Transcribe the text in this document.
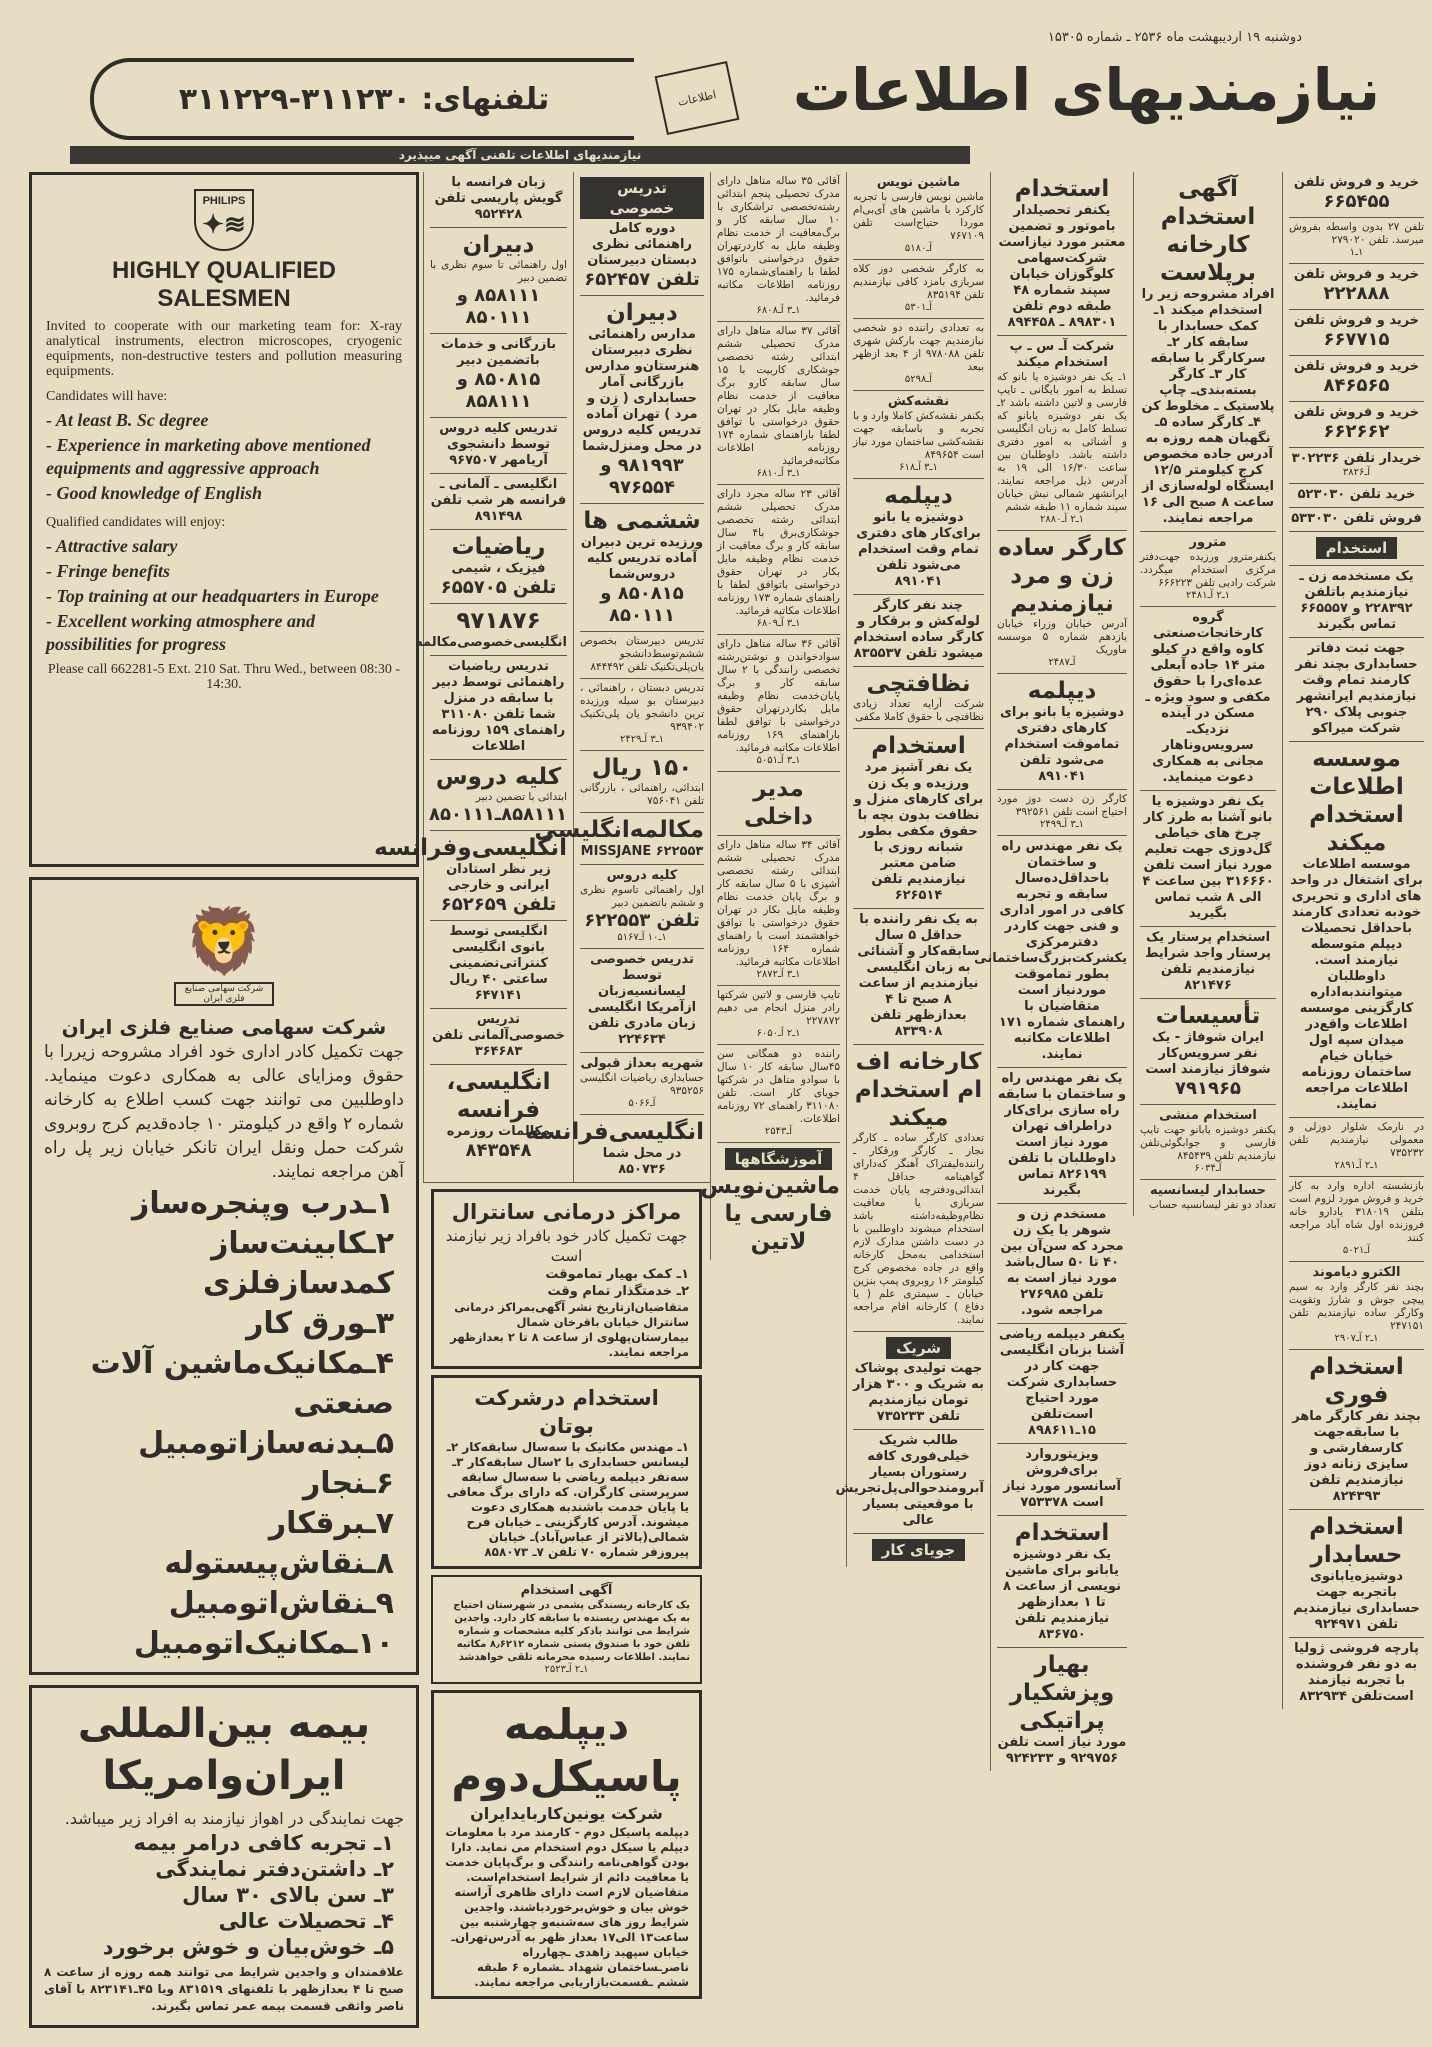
دوشنبه ۱۹ اردیبهشت ماه ۲۵۳۶ ـ شماره ۱۵۳۰۵
تلفنهای: ۳۱۱۲۳۰-۳۱۱۲۲۹	اطلاعات	نیازمندیهای اطلاعات
نیازمندیهای اطلاعات تلفنی آگهی میپذیرد
PHILIPS
✦≋
HIGHLY QUALIFIED SALESMEN
Invited to cooperate with our marketing team for: X-ray analytical instruments, electron microscopes, cryogenic equipments, non-destructive testers and pollution measuring equipments.
Candidates will have:
- At least B. Sc degree
- Experience in marketing above mentioned equipments and aggressive approach
- Good knowledge of English
Qualified candidates will enjoy:
- Attractive salary
- Fringe benefits
- Top training at our headquarters in Europe
- Excellent working atmosphere and possibilities for progress
Please call 662281-5 Ext. 210 Sat. Thru Wed., between 08:30 - 14:30.
🦁
شرکت سهامی صنایع فلزی ایران
شرکت سهامی صنایع فلزی ایران
جهت تکمیل کادر اداری خود افراد مشروحه زیررا با حقوق ومزایای عالی به همکاری دعوت مینماید. داوطلبین می توانند جهت کسب اطلاع به کارخانه شماره ۲ واقع در کیلومتر ۱۰ جاده‌قدیم کرج روبروی شرکت حمل ونقل ایران تانکر خیابان زیر پل راه آهن مراجعه نمایند.
۱ـدرب وپنجره‌ساز
۲ـکابینت‌ساز کمدسازفلزی
۳ـورق کار
۴ـمکانیک‌ماشین آلات صنعتی
۵ـبدنه‌سازاتومبیل
۶ـنجار
۷ـبرقکار
۸ـنقاش‌پیستوله
۹ـنقاش‌اتومبیل
۱۰ـمکانیک‌اتومبیل
بیمه بین‌المللی
ایران‌وامریکا
جهت نمایندگی در اهواز نیازمند به افراد زیر میباشد.
۱ـ تجربه کافی درامر بیمه
۲ـ داشتن‌دفتر نمایندگی
۳ـ سن بالای ۳۰ سال
۴ـ تحصیلات عالی
۵ـ خوش‌بیان و خوش برخورد
علاقمندان و واجدین شرایط می توانند همه روزه از ساعت ۸ صبح تا ۴ بعدازظهر با تلفنهای ۸۳۱۵۱۹ ویا ۴۵ـ۸۲۳۱۴۱ با آقای ناصر واثقی قسمت بیمه عمر تماس بگیرند.
خرید و فروش تلفن
۶۶۵۴۵۵
تلفن ۲۷ بدون واسطه بفروش میرسد. تلفن ۲۷۹۰۲۰
۱ـ۱
خرید و فروش تلفن
۲۲۲۸۸۸
خرید و فروش تلفن
۶۶۷۷۱۵
خرید و فروش تلفن
۸۴۶۵۶۵
خرید و فروش تلفن
۶۶۲۶۶۲
خریدار تلفن ۳۰۲۲۳۶
آـ۳۸۲۶
خرید تلفن ۵۲۳۰۳۰
فروش تلفن ۵۳۳۰۳۰
استخدام
یک مستخدمه زن ـ نیازمندیم باتلفن ۲۲۸۳۹۲ و ۶۶۵۵۵۷ تماس بگیرند
جهت ثبت دفاتر حسابداری بچند نفر کارمند تمام وقت نیازمندیم ایرانشهر جنوبی پلاک ۲۹۰ شرکت میراکو
موسسه اطلاعات استخدام میکند
موسسه اطلاعات برای اشتغال در واحد های اداری و تحریری خودبه تعدادی کارمند باحداقل تحصیلات دیپلم متوسطه نیازمند است. داوطلبان میتوانندبه‌اداره کارگزینی موسسه اطلاعات واقع‌در میدان سپه اول خیابان خیام ساختمان روزنامه اطلاعات مراجعه نمایند.
در نارمک شلوار دوزلی و معمولی نیازمندیم تلفن ۷۳۵۲۳۲
۱ـ۲ آـ۲۸۹۱
بازنشسته اداره وارد به کار خرید و فروش مورد لزوم است بتلفن ۳۱۸۰۱۹ یادارو خانه فروزنده اول شاه آباد مراجعه کنند
آـ۵۰۲۱
الکترو دیاموند
بچند نفر کارگر وارد به سیم پیچی جوش و شارژ وتقویت وکارگر ساده نیازمندیم تلفن ۲۴۷۱۵۱
۱ـ۲ آـ۲۹۰۷
استخدام فوری
بچند نفر کارگر ماهر با سابقه‌جهت کارسفارشی و سایزی زنانه دوز نیازمندیم تلفن ۸۲۴۳۹۳
استخدام حسابدار
دوشیزه‌یابانوی باتجربه جهت حسابداری نیازمندیم تلفن ۹۲۴۹۷۱
پارچه فروشی ژولیا به دو نفر فروشنده با تجربه نیازمند است‌تلفن ۸۳۲۹۳۴
آگهی استخدام کارخانه برپلاست
افراد مشروحه زیر را استخدام میکند ۱ـ کمک حسابدار با سابقه کار ۲ـ سرکارگر با سابقه کار ۳ـ کارگر بسته‌بندی‌ـ چاپ پلاستیک ـ مخلوط کن ۴ـ کارگر ساده ۵ـ نگهبان همه روزه به آدرس جاده مخصوص کرج کیلومتر ۱۲/۵ ایستگاه لوله‌سازی از ساعت ۸ صبح الی ۱۶ مراجعه نمایند.
مترور
یکنفرمترور ورزیده جهت‌دفتر مرکزی استخدام میگردد. شرکت رادیی تلفن ۶۶۶۲۲۳
۱ـ۲ آـ۲۴۸۱
گروه کارخانجات‌صنعتی کاوه واقع در کیلو متر ۱۴ جاده آبعلی عده‌ای‌را با حقوق مکفی و سود ویژه ـ مسکن در آینده نزدیک‌ـ سرویس‌وناهار مجانی به همکاری دعوت مینماید.
یک نفر دوشیزه یا بانو آشنا به طرز کار چرخ های خیاطی گل‌دوزی جهت تعلیم مورد نیاز است تلفن ۳۱۶۶۶۰ بین ساعت ۴ الی ۸ شب تماس بگیرید
استخدام پرستار یک پرستار واجد شرایط نیازمندیم تلفن ۸۲۱۴۷۶
تأسیسات
ایران شوفاژ - یک نفر سرویس‌کار شوفاژ نیازمند است
۷۹۱۹۶۵
استخدام منشی
یکنفر دوشیزه یابانو جهت تایپ فارسی و جوابگوئی‌تلفن نیازمندیم تلفن ۸۴۵۴۳۹
آـ۶۰۳۴
حسابدار لیسانسیه
تعداد دو نفر لیسانسیه حساب
استخدام
یکنفر تحصیلدار باموتور و تضمین معتبر مورد نیازاست شرکت‌سهامی کلوگوزان خیابان سپند شماره ۴۸ طبقه دوم تلفن ۸۹۸۳۰۱ ـ ۸۹۴۴۵۸
شرکت آـ س ـ پ استخدام میکند
۱ـ یک نفر دوشیزه یا بانو که تسلط به امور بایگانی ـ تایپ فارسی و لاتین داشته باشد ۲ـ یک نفر دوشیزه یابانو که تسلط کامل به زبان انگلیسی و آشنائی به امور دفتری داشته باشد. داوطلبان بین ساعت ۱۶/۳۰ الی ۱۹ به آدرس ذیل مراجعه نمایند. ایرانشهر شمالی نبش خیابان سپند شماره ۱۱ طبقه ششم
۱ـ۲ آـ۲۸۸۰
کارگر ساده زن و مرد نیازمندیم
آدرس خیابان وزراء خیابان یازدهم شماره ۵ موسسه ماوریک
آـ۲۴۸۷
دیپلمه
دوشیزه یا بانو برای کارهای دفتری تماموقت استخدام می‌شود تلفن ۸۹۱۰۴۱
کارگر زن دست دوز مورد احتیاج است تلفن ۳۹۲۵۶۱
۱ـ۳ آـ۲۴۹۹
یک نفر مهندس راه و ساختمان باحداقل‌ده‌سال سابقه و تجربه کافی در امور اداری و فنی جهت کاردر دفترمرکزی یکشرکت‌بزرگ‌ساختمانی بطور تماموقت موردنیاز است متقاضیان با راهنمای شماره ۱۷۱ اطلاعات مکاتبه نمایند.
یک نفر مهندس راه و ساختمان با سابقه راه سازی برای‌کار دراطراف تهران مورد نیاز است داوطلبان با تلفن ۸۲۶۱۹۹ تماس بگیرند
مستخدم زن و شوهر یا یک زن مجرد که سن‌آن بین ۴۰ تا ۵۰ سال‌باشد مورد نیاز است به تلفن ۲۷۶۹۸۵ مراجعه شود.
یکنفر دیپلمه ریاضی آشنا بزبان انگلیسی جهت کار در حسابداری شرکت مورد احتیاج است‌تلفن ۱۵ـ۸۹۸۶۱۱
ویزیتوروارد برای‌فروش آسانسور مورد نیاز است ۷۵۳۳۷۸
استخدام
یک نفر دوشیزه یابانو برای ماشین نویسی از ساعت ۸ تا ۱ بعدازظهر نیازمندیم تلفن ۸۳۶۷۵۰
بهیار وپزشکیار پراتیکی
مورد نیاز است تلفن ۹۲۹۷۵۶ و ۹۲۴۲۳۳
ماشین نویس
ماشین نویس فارسی با تجربه کارکرد با ماشین های آی‌بی‌ام موردا حتیاج‌است تلفن ۷۶۷۱۰۹
آـ۵۱۸۰
به کارگر شخصی دوز کلاه سربازی بامزد کافی نیازمندیم تلفن ۸۳۵۱۹۴
آـ۵۳۰۱
به تعدادی راننده دو شخصی نیازمندیم جهت بارکش شهری تلفن ۹۷۸۰۸۸ از ۴ بعد ازظهر ببعد
آـ۵۲۹۸
نقشه‌کش
یکنفر نقشه‌کش کاملا وارد و با تجربه و باسابقه جهت نقشه‌کشی ساختمان مورد نیاز است ۸۴۹۶۵۴
۱ـ۳ آـ۶۱۸
دیپلمه
دوشیزه یا بانو برای‌کار های دفتری تمام وقت استخدام می‌شود تلفن ۸۹۱۰۴۱
چند نفر کارگر لوله‌کش و برقکار و کارگر ساده استخدام میشود تلفن ۸۳۵۵۳۷
نظافتچی
شرکت آرایه تعداد زیادی نظافتچی با حقوق کاملا مکفی
استخدام
یک نفر آشپز مرد ورزیده و یک زن برای کارهای منزل و نظافت بدون بچه با حقوق مکفی بطور شبانه روزی با ضامن معتبر نیازمندیم تلفن ۶۲۶۵۱۴
به یک نفر راننده با حداقل ۵ سال سابقه‌کار و آشنائی به زبان انگلیسی نیازمندیم از ساعت ۸ صبح تا ۴ بعدازظهر تلفن ۸۳۳۹۰۸
کارخانه اف ام استخدام میکند
تعدادی کارگر ساده ـ کارگر نجار ـ کارگر ورقکار ـ راننده‌لیفتراک آهنگر که‌دارای گواهینامه حداقل ۴ ابتدائی‌ودفترچه پایان خدمت سربازی یا معافیت نظام‌وظیفه‌داشته باشد استخدام میشوند داوطلبین با در دست داشتن مدارک لازم استخدامی به‌محل کارخانه واقع در جاده مخصوص کرج کیلومتر ۱۶ روبروی پمپ بنزین خیابان ـ سیمتری علم ( یا دفاع ) کارخانه افام مراجعه نمایند.
شریک
جهت تولیدی پوشاک به شریک و ۳۰۰ هزار تومان نیازمندیم تلفن ۷۳۵۲۳۳
طالب شریک خیلی‌فوری کافه رستوران بسیار آبرومندحوالی‌پل‌تجریش با موقعیتی بسیار عالی
جویای کار
آقائی ۳۵ ساله متاهل دارای مدرک تحصیلی پنجم ابتدائی رشته‌تخصصی تراشکاری با ۱۰ سال سابقه کار و برگ‌معافیت از خدمت نظام وظیفه مایل به کاردرتهران حقوق درخواستی باتوافق لطفا با راهنمای‌شماره ۱۷۵ روزنامه اطلاعات مکاتبه فرمائید.
۱ـ۳ آـ۶۸۰۸
آقائی ۳۷ ساله متاهل دارای مدرک تحصیلی ششم ابتدائی رشته تخصصی جوشکاری کاربیت با ۱۵ سال سابقه کارو برگ معافیت از خدمت نظام وظیفه مایل بکار در تهران حقوق درخواستی با توافق لطفا باراهنمای شماره ۱۷۴ روزنامه اطلاعات مکاتبه‌فرمائید
۱ـ۳ آـ۶۸۱۰
آقائی ۲۳ ساله مجرد دارای مدرک تحصیلی ششم ابتدائی رشته تخصصی جوشکاری‌برق با۴ سال سابقه کار و برگ معافیت از خدمت نظام وظیفه مایل بکار در تهران حقوق درخواستی باتوافق لطفا با راهنمای شماره ۱۷۳ روزنامه اطلاعات مکاتبه فرمائید.
۱ـ۳ آـ۶۸۰۹
آقائی ۳۶ ساله متاهل دارای سوادخواندن و نوشتن‌رشته تخصصی رانندگی با ۲ سال سابقه کار و برگ پایان‌خدمت نظام وظیفه مایل بکاردرتهران حقوق درخواستی با توافق لطفا باراهنمای ۱۶۹ روزنامه اطلاعات مکاتبه فرمائید.
۱ـ۳ آـ۵۰۵۱
مدیر داخلی
آقائی ۳۴ ساله متاهل دارای مدرک تحصیلی ششم ابتدائی رشته تخصصی آشپزی با ۵ سال سابقه کار و برگ پایان خدمت نظام وظیفه مایل بکار در تهران حقوق درخواستی با توافق خواهشمند است با راهنمای شماره ۱۶۴ روزنامه اطلاعات مکاتبه فرمائید.
۱ـ۳ آـ۲۸۷۲
تایپ فارسی و لاتین شرکتها رادر منزل انجام می دهیم ۲۲۷۸۷۲
۱ـ۲ آـ۶۰۵۰
راننده دو همگانی سن ۴۵سال سابقه کار ۱۰ سال با سوادو متاهل در شرکتها جویای کار است. تلفن ۳۱۱۰۸۰ راهنمای ۷۲ روزنامه اطلاعات.
آـ۲۵۴۳
آموزشگاهها
ماشین‌نویس فارسی یا لاتین
تدریس خصوصی
دوره کامل راهنمائی نظری دبستان دبیرستان
تلفن ۶۵۲۴۵۷
دبیران
مدارس راهنمائی نظری دبیرستان هنرستان‌و مدارس بازرگانی آمار حسابداری ( زن و مرد ) تهران آماده تدریس کلیه دروس در محل ومنزل‌شما
۹۸۱۹۹۳ و ۹۷۶۵۵۴
ششمی ها
ورزیده ترین دبیران آماده تدریس کلیه دروس‌شما
۸۵۰۸۱۵ و ۸۵۰۱۱۱
تدریس دبیرستان بخصوص ششم‌توسط‌دانشجو یان‌پلی‌تکنیک تلفن ۸۴۴۴۹۲
تدریس دبستان ، راهنمائی ، دبیرستان بو سیله ورزیده ترین دانشجو یان پلی‌تکنیک ۹۳۹۴۰۲
۱ـ۳ آـ۲۴۲۹
۱۵۰ ریال
ابتدائی، راهنمائی ، بازرگانی تلفن ۷۵۶۰۴۱
مکالمه‌انگلیسی
MISSJANE ۶۲۲۵۵۳
کلیه دروس
اول راهنمائی تاسوم نظری و ششم باتضمین دبیر
تلفن ۶۲۲۵۵۳
۱ـ۱۰ آـ۵۱۶۷
تدریس خصوصی توسط لیسانسیه‌زبان ازآمریکا انگلیسی زبان مادری تلفن ۲۲۴۶۳۴
شهریه بعداز قبولی
حسابداری ریاضیات انگلیسی ۹۳۵۲۵۶
آـ۵۰۶۶
انگلیسی‌فرانسه
در محل شما ۸۵۰۷۳۶
زبان فرانسه با گویش پاریسی تلفن ۹۵۲۴۲۸
دبیران
اول راهنمائی تا سوم نظری با تضمین دبیر
۸۵۸۱۱۱ و ۸۵۰۱۱۱
بازرگانی و خدمات باتضمین دبیر
۸۵۰۸۱۵ و ۸۵۸۱۱۱
تدریس کلیه دروس توسط دانشجوی آریامهر ۹۶۷۵۰۷
انگلیسی ـ آلمانی ـ فرانسه هر شب تلفن ۸۹۱۴۹۸
ریاضیات
فیزیک ، شیمی
تلفن ۶۵۵۷۰۵
۹۷۱۸۷۶
انگلیسی‌خصوصی‌مکالمه
تدریس ریاضیات راهنمائی توسط دبیر با سابقه در منزل شما تلفن ۳۱۱۰۸۰ راهنمای ۱۵۹ روزنامه اطلاعات
کلیه دروس
ابتدائی با تضمین دبیر
۸۵۸۱۱۱ـ۸۵۰۱۱۱
انگلیسی‌وفرانسه
زیر نظر استادان ایرانی و خارجی
تلفن ۶۵۲۶۵۹
انگلیسی توسط بانوی انگلیسی کنتراتی‌تضمینی ساعتی ۴۰ ریال ۶۴۷۱۴۱
تدریس خصوصی‌آلمانی تلفن ۳۶۴۶۸۳
انگلیسی، فرانسه
مکالمات روزمره
۸۴۳۵۴۸
مراکز درمانی سانترال
جهت تکمیل کادر خود بافراد زیر نیازمند است
۱ـ کمک بهیار تماموقت
۲ـ خدمتگذار تمام وقت
متقاضیان‌ازتاریخ نشر آگهی‌بمراکز درمانی سانترال خیابان باقرخان شمال بیمارستان‌پهلوی از ساعت ۸ تا ۲ بعدازظهر مراجعه نمایند.
استخدام درشرکت بوتان
۱ـ مهندس مکانیک با سه‌سال سابقه‌کار ۲ـ لیسانس حسابداری با ۲سال سابقه‌کار ۳ـ سه‌نفر دیپلمه ریاضی با سه‌سال سابقه سرپرستی کارگران. که دارای برگ معافی یا پایان خدمت باشندبه همکاری دعوت میشوند. آدرس کارگزینی ـ خیابان فرح شمالی(بالاتر از عباس‌آباد)ـ خیابان پیروزفر شماره ۷۰ تلفن ۷ـ ۸۵۸۰۷۳
آگهی استخدام
یک کارخانه ریسندگی پشمی در شهرستان احتیاج به یک مهندس ریسنده با سابقه کار دارد. واجدین شرایط می توانند باذکر کلیه مشخصات و شماره تلفن خود با صندوق پستی شماره ۸٫۶۲۱۲ مکاتبه نمایند. اطلاعات رسیده محرمانه تلقی خواهدشد
۱ـ۲ آـ۲۵۲۳
دیپلمه
پاسیکل‌دوم
شرکت یونین‌کاربایدایران
دیپلمه پاسیکل دوم - کارمند مرد با معلومات دیپلم یا سیکل دوم استخدام می نماید. دارا بودن گواهی‌نامه رانندگی و برگ‌پایان خدمت یا معافیت دائم از شرایط استخدام‌است. متقاضیان لازم است دارای ظاهری آراسته خوش بیان و خوش‌برخوردباشند. واجدین شرایط روز های سه‌شنبه‌و چهارشنبه بین ساعت۱۳ الی۱۷ بعداز ظهر به آدرس‌تهران‌ـ خیابان سپهبد زاهدی ـچهارراه ناصرـساختمان شهداد ـشماره ۶ طبقه ششم ـقسمت‌بازاریابی مراجعه نمایند.
